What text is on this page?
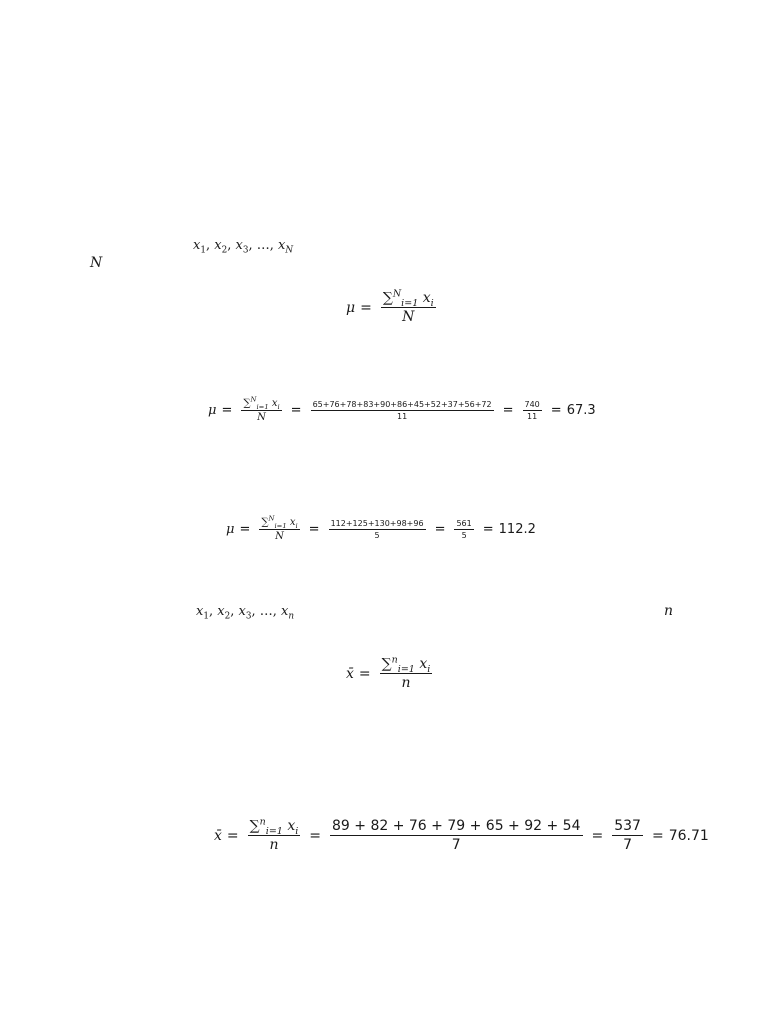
$x_1$, $x_2$, $x_3$, …, $x_N$
N
$\mu = \frac{\sum^N_{i=1} x_i}{N}$
$\mu = \frac{\sum^N_{i=1} x_i}{N} = \frac{65+76+78+83+90+86+45+52+37+56+72}{11} = \frac{740}{11} = 67.3$
$\mu = \frac{\sum^N_{i=1} x_i}{N} = \frac{112+125+130+98+96}{5} = \frac{561}{5} = 112.2$
$x_1$, $x_2$, $x_3$, …, $x_n$	n
x̄ = $\frac{\sum^n_{i=1} x_i}{n}$
x̄ = $\frac{\sum^n_{i=1} x_i}{n} = \frac{89 + 82 + 76 + 79 + 65 + 92 + 54}{7} = \frac{537}{7} = 76.71$
